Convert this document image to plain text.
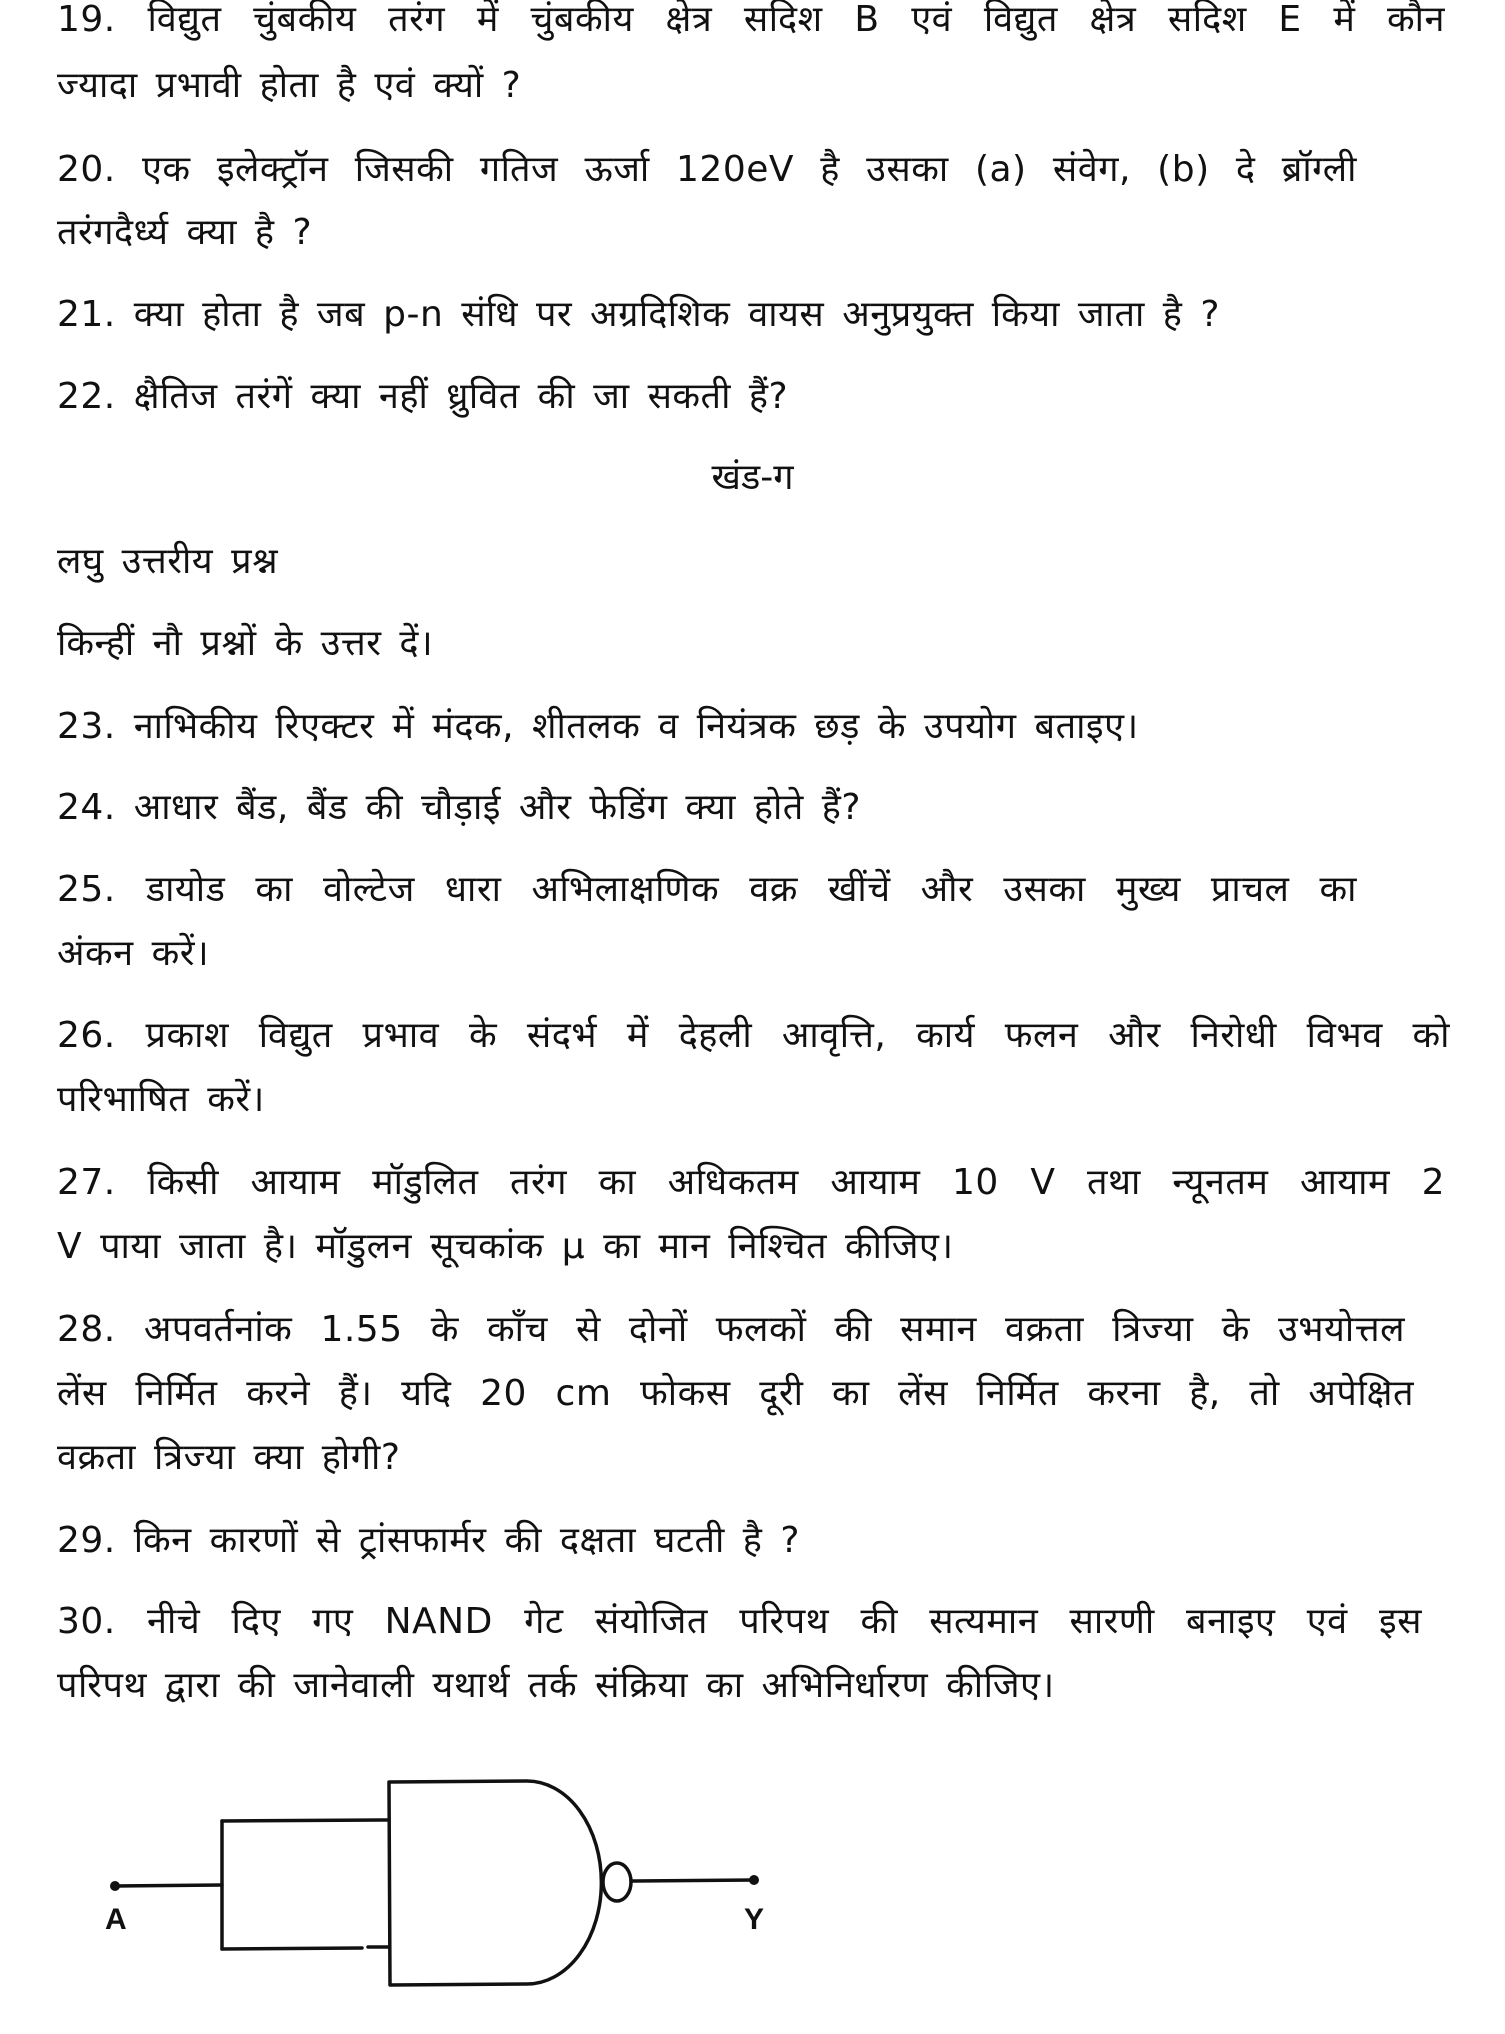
19. विद्युत चुंबकीय तरंग में चुंबकीय क्षेत्र सदिश B एवं विद्युत क्षेत्र सदिश E में कौन
ज्यादा प्रभावी होता है एवं क्यों ?
20. एक इलेक्ट्रॉन जिसकी गतिज ऊर्जा 120eV है उसका (a) संवेग, (b) दे ब्रॉग्ली
तरंगदैर्ध्य क्या है ?
21. क्या होता है जब p-n संधि पर अग्रदिशिक वायस अनुप्रयुक्त किया जाता है ?
22. क्षैतिज तरंगें क्या नहीं ध्रुवित की जा सकती हैं?
खंड-ग
लघु उत्तरीय प्रश्न
किन्हीं नौ प्रश्नों के उत्तर दें।
23. नाभिकीय रिएक्टर में मंदक, शीतलक व नियंत्रक छड़ के उपयोग बताइए।
24. आधार बैंड, बैंड की चौड़ाई और फेडिंग क्या होते हैं?
25. डायोड का वोल्टेज धारा अभिलाक्षणिक वक्र खींचें और उसका मुख्य प्राचल का
अंकन करें।
26. प्रकाश विद्युत प्रभाव के संदर्भ में देहली आवृत्ति, कार्य फलन और निरोधी विभव को
परिभाषित करें।
27. किसी आयाम मॉडुलित तरंग का अधिकतम आयाम 10 V तथा न्यूनतम आयाम 2
V पाया जाता है। मॉडुलन सूचकांक μ का मान निश्चित कीजिए।
28. अपवर्तनांक 1.55 के काँच से दोनों फलकों की समान वक्रता त्रिज्या के उभयोत्तल
लेंस निर्मित करने हैं। यदि 20 cm फोकस दूरी का लेंस निर्मित करना है, तो अपेक्षित
वक्रता त्रिज्या क्या होगी?
29. किन कारणों से ट्रांसफार्मर की दक्षता घटती है ?
30. नीचे दिए गए NAND गेट संयोजित परिपथ की सत्यमान सारणी बनाइए एवं इस
परिपथ द्वारा की जानेवाली यथार्थ तर्क संक्रिया का अभिनिर्धारण कीजिए।
A	Y
